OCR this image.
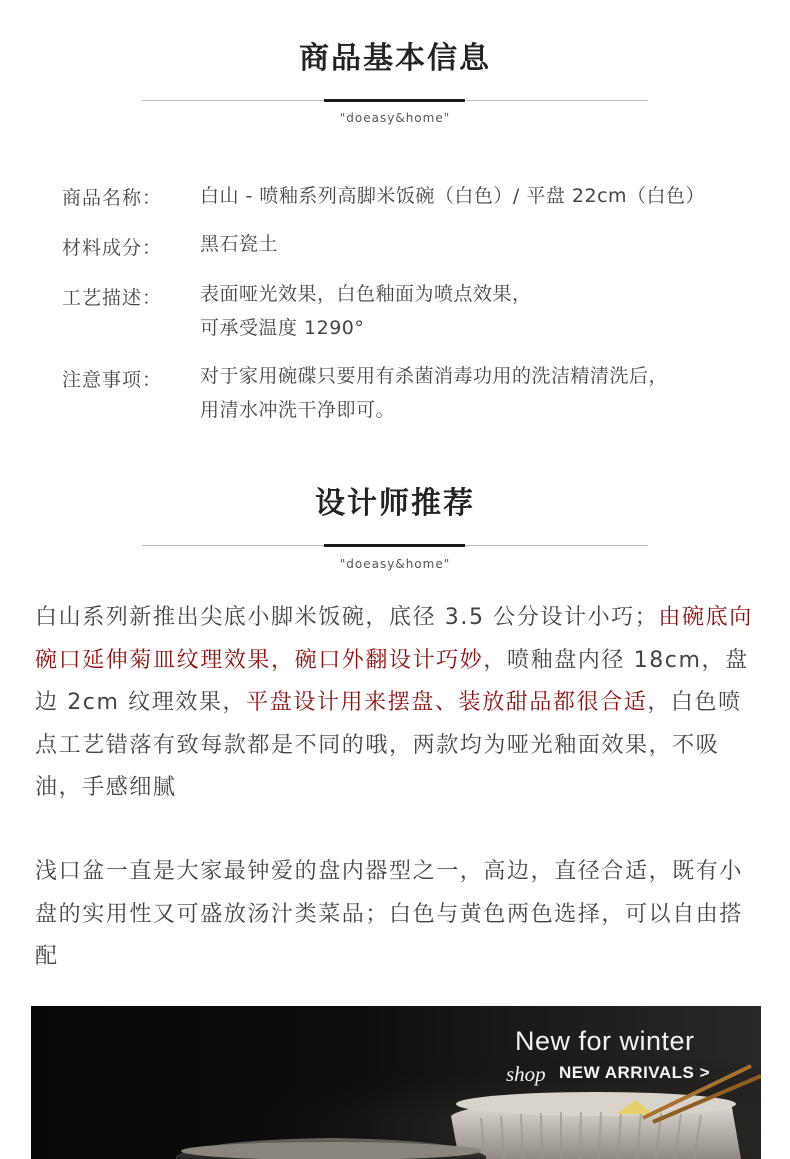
商品基本信息
"doeasy&home"
商品名称： 白山 - 喷釉系列高脚米饭碗（白色）/ 平盘 22cm（白色）
材料成分： 黑石瓷土
工艺描述： 表面哑光效果，白色釉面为喷点效果，
可承受温度 1290°
注意事项： 对于家用碗碟只要用有杀菌消毒功用的洗洁精清洗后，
用清水冲洗干净即可。
设计师推荐
"doeasy&home"
白山系列新推出尖底小脚米饭碗，底径 3.5 公分设计小巧；由碗底向碗口延伸菊皿纹理效果，碗口外翻设计巧妙，喷釉盘内径 18cm，盘边 2cm 纹理效果，平盘设计用来摆盘、装放甜品都很合适，白色喷点工艺错落有致每款都是不同的哦，两款均为哑光釉面效果，不吸油，手感细腻
浅口盆一直是大家最钟爱的盘内器型之一，高边，直径合适，既有小盘的实用性又可盛放汤汁类菜品；白色与黄色两色选择，可以自由搭配
New for winter
shop NEW ARRIVALS >
